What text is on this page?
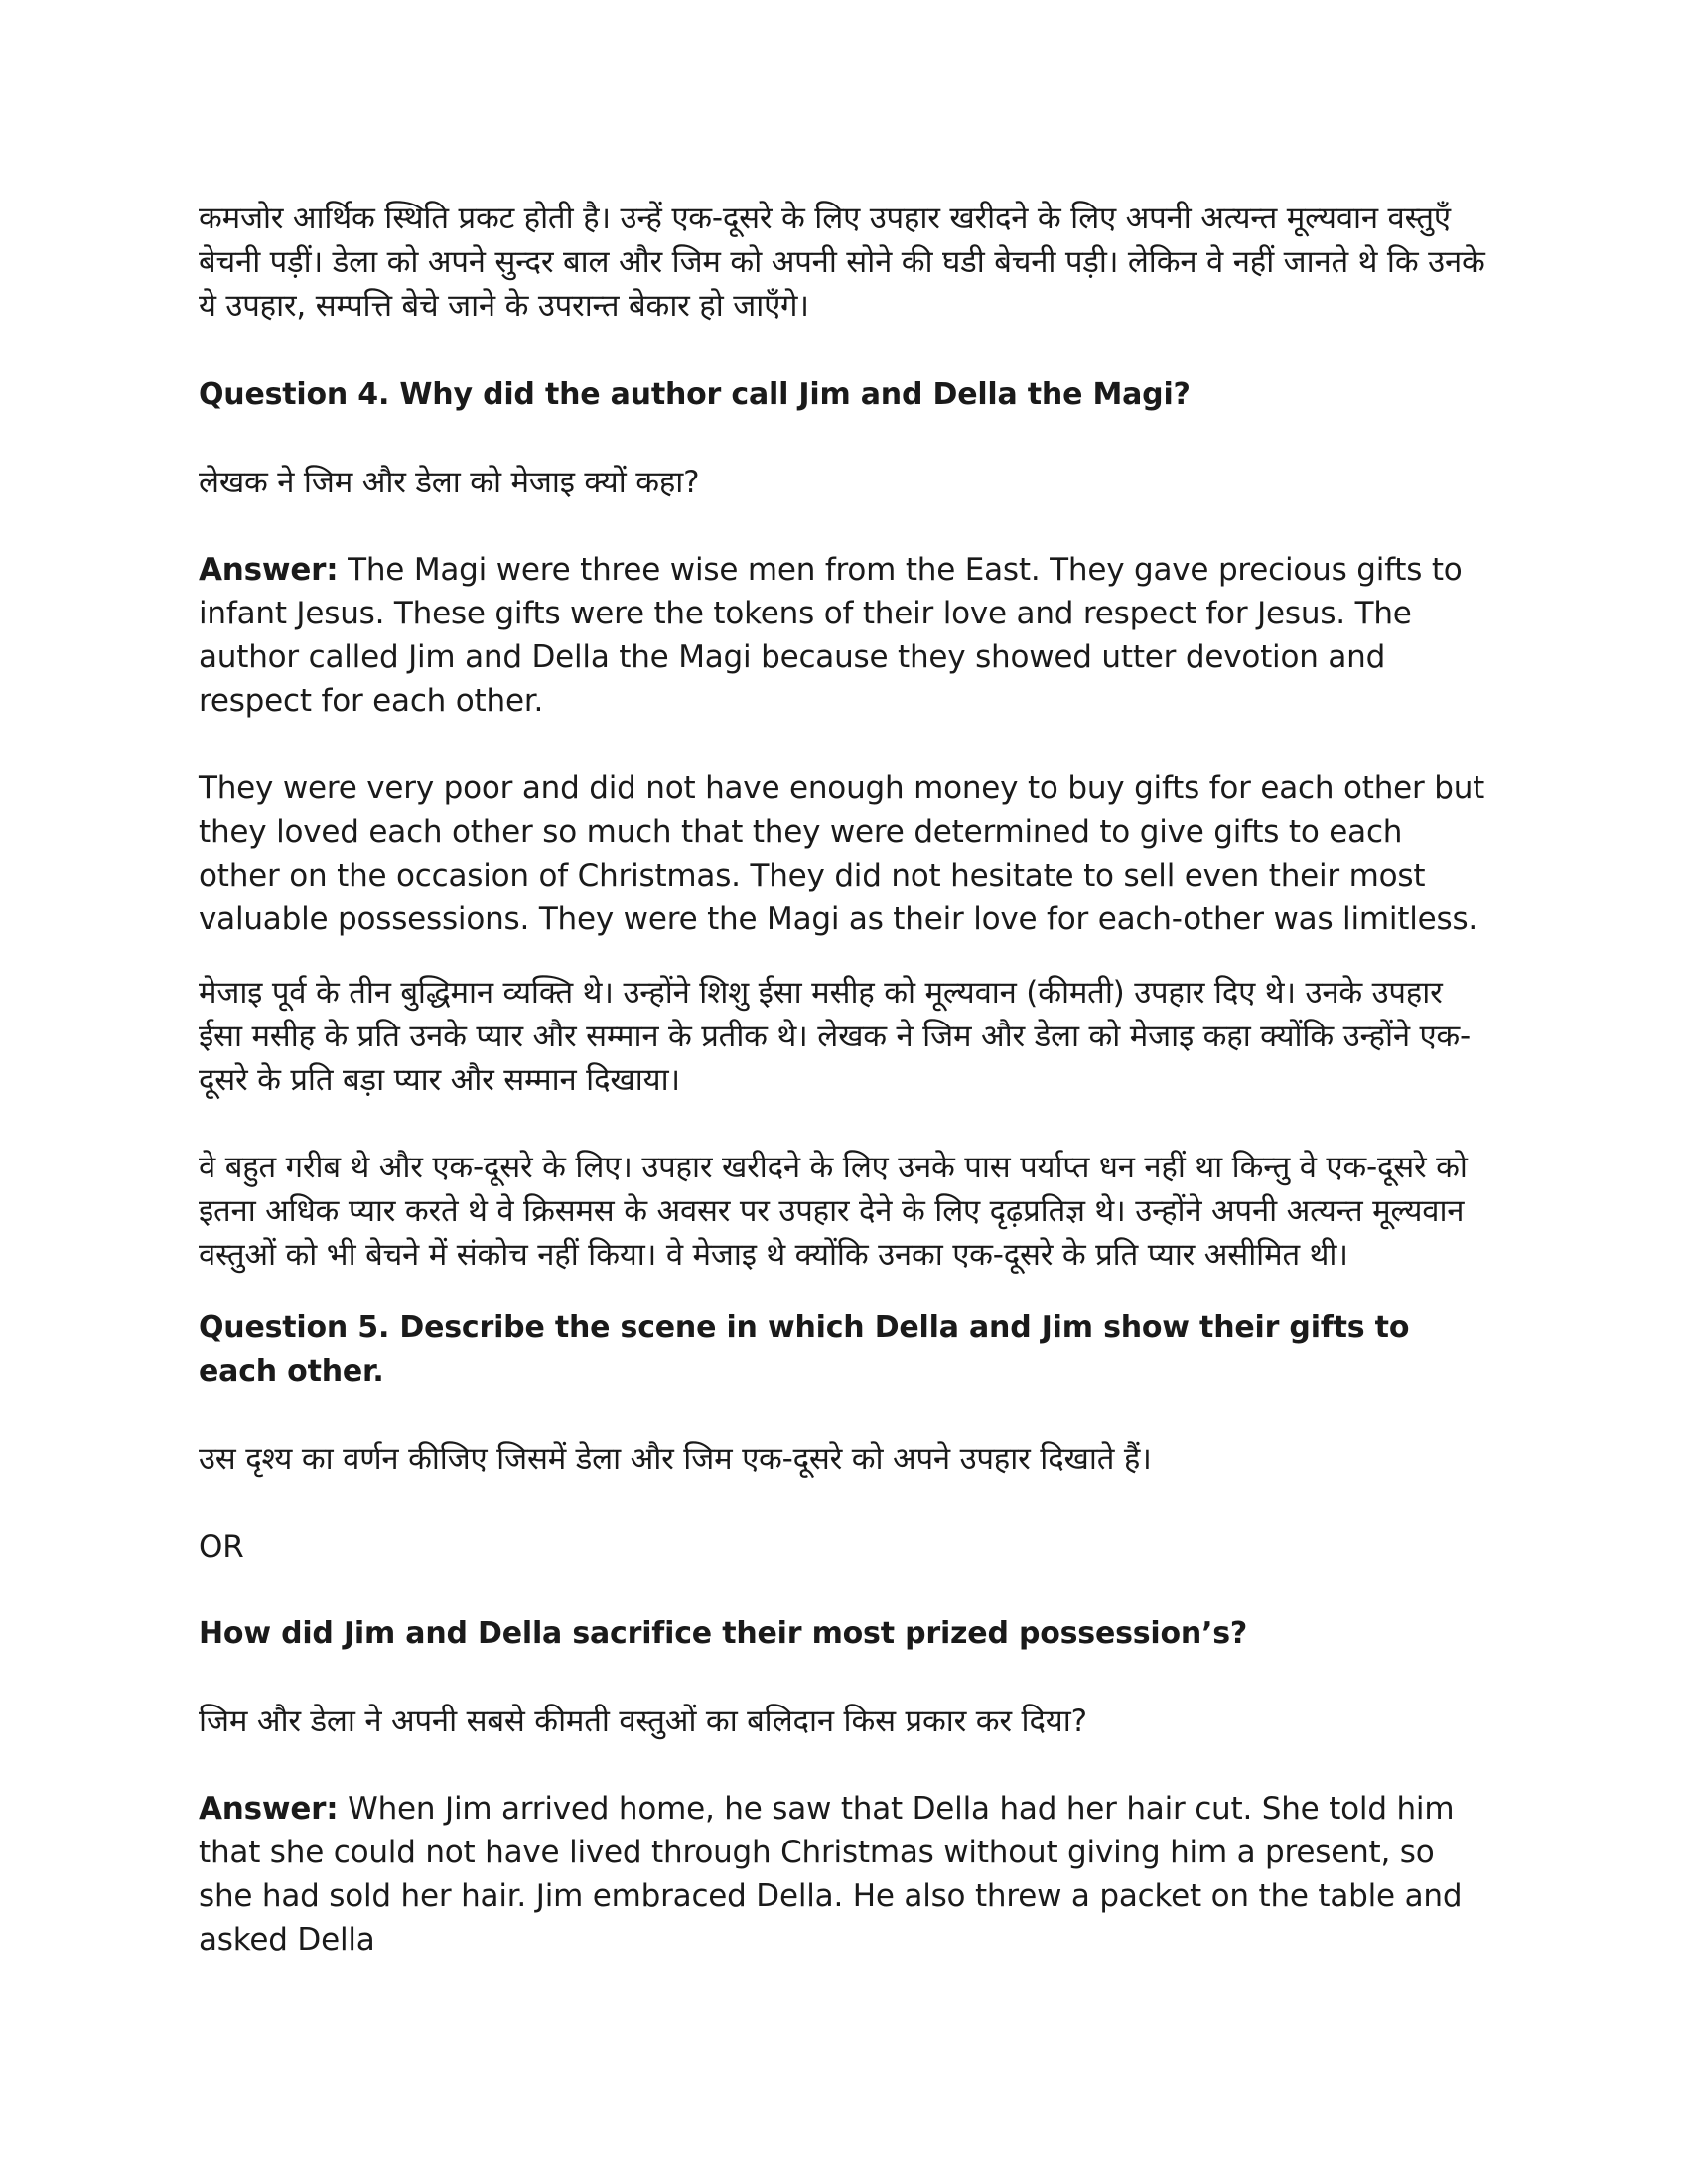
कमजोर आर्थिक स्थिति प्रकट होती है। उन्हें एक-दूसरे के लिए उपहार खरीदने के लिए अपनी अत्यन्त मूल्यवान वस्तुएँ बेचनी पड़ीं। डेला को अपने सुन्दर बाल और जिम को अपनी सोने की घडी बेचनी पड़ी। लेकिन वे नहीं जानते थे कि उनके ये उपहार, सम्पत्ति बेचे जाने के उपरान्त बेकार हो जाएँगे।

Question 4. Why did the author call Jim and Della the Magi?

लेखक ने जिम और डेला को मेजाइ क्यों कहा?

Answer: The Magi were three wise men from the East. They gave precious gifts to infant Jesus. These gifts were the tokens of their love and respect for Jesus. The author called Jim and Della the Magi because they showed utter devotion and respect for each other.

They were very poor and did not have enough money to buy gifts for each other but they loved each other so much that they were determined to give gifts to each other on the occasion of Christmas. They did not hesitate to sell even their most valuable possessions. They were the Magi as their love for each-other was limitless.

मेजाइ पूर्व के तीन बुद्धिमान व्यक्ति थे। उन्होंने शिशु ईसा मसीह को मूल्यवान (कीमती) उपहार दिए थे। उनके उपहार ईसा मसीह के प्रति उनके प्यार और सम्मान के प्रतीक थे। लेखक ने जिम और डेला को मेजाइ कहा क्योंकि उन्होंने एक-दूसरे के प्रति बड़ा प्यार और सम्मान दिखाया।

वे बहुत गरीब थे और एक-दूसरे के लिए। उपहार खरीदने के लिए उनके पास पर्याप्त धन नहीं था किन्तु वे एक-दूसरे को इतना अधिक प्यार करते थे वे क्रिसमस के अवसर पर उपहार देने के लिए दृढ़प्रतिज्ञ थे। उन्होंने अपनी अत्यन्त मूल्यवान वस्तुओं को भी बेचने में संकोच नहीं किया। वे मेजाइ थे क्योंकि उनका एक-दूसरे के प्रति प्यार असीमित थी।

Question 5. Describe the scene in which Della and Jim show their gifts to each other.

उस दृश्य का वर्णन कीजिए जिसमें डेला और जिम एक-दूसरे को अपने उपहार दिखाते हैं।

OR

How did Jim and Della sacrifice their most prized possession’s?

जिम और डेला ने अपनी सबसे कीमती वस्तुओं का बलिदान किस प्रकार कर दिया?

Answer: When Jim arrived home, he saw that Della had her hair cut. She told him that she could not have lived through Christmas without giving him a present, so she had sold her hair. Jim embraced Della. He also threw a packet on the table and asked Della
